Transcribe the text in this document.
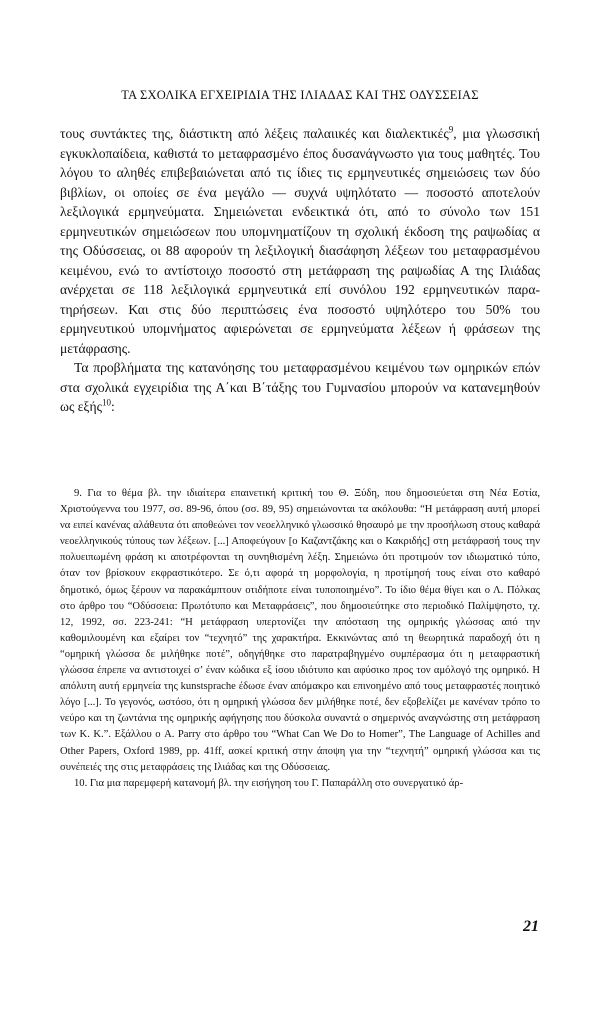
ΤΑ ΣΧΟΛΙΚΑ ΕΓΧΕΙΡΙΔΙΑ ΤΗΣ ΙΛΙΑΔΑΣ ΚΑΙ ΤΗΣ ΟΔΥΣΣΕΙΑΣ

τους συντάκτες της, διάστικτη από λέξεις παλαιικές και διαλεκτικές$^9$, μια γλωσσική εγκυκλοπαίδεια, καθιστά το μεταφρασμένο έπος δυσανάγνωστο για τους μαθητές. Του λόγου το αληθές επιβεβαιώνεται από τις ίδιες τις ερμηνευτικές σημειώσεις των δύο βιβλίων, οι οποίες σε ένα μεγάλο — συχνά υψηλότατο — ποσοστό αποτελούν λεξιλογικά ερμηνεύματα. Σημειώνεται ενδεικτικά ότι, από το σύνολο των 151 ερμηνευτικών σημειώσεων που υπομνηματίζουν τη σχολική έκδοση της ραψωδίας α της Οδύσσειας, οι 88 αφορούν τη λεξιλογική διασάφηση λέξεων του μεταφρασμένου κειμένου, ενώ το αντίστοιχο ποσοστό στη μετάφραση της ραψωδίας Α της Ιλιάδας ανέρχεται σε 118 λεξιλογικά ερμηνευτικά επί συνόλου 192 ερμηνευτικών παρατηρήσεων. Και στις δύο περιπτώσεις ένα ποσοστό υψηλότερο του 50% του ερμηνευτικού υπομνήματος αφιερώνεται σε ερμηνεύματα λέξεων ή φράσεων της μετάφρασης.

Τα προβλήματα της κατανόησης του μεταφρασμένου κειμένου των ομηρικών επών στα σχολικά εγχειρίδια της Α΄και Β΄τάξης του Γυμνασίου μπορούν να κατανεμηθούν ως εξής$^{10}$:

9. Για το θέμα βλ. την ιδιαίτερα επαινετική κριτική του Θ. Ξύδη, που δημοσιεύεται στη Νέα Εστία, Χριστούγεννα του 1977, σσ. 89-96, όπου (σσ. 89, 95) σημειώνονται τα ακόλουθα: “Η μετάφραση αυτή μπορεί να ειπεί κανένας αλάθευτα ότι αποθεώνει τον νεοελληνικό γλωσσικό θησαυρό με την προσήλωση στους καθαρά νεοελληνικούς τύπους των λέξεων. [...] Αποφεύγουν [ο Καζαντζάκης και ο Κακριδής] στη μετάφρασή τους την πολυειπωμένη φράση κι αποτρέφονται τη συνηθισμένη λέξη. Σημειώνω ότι προτιμούν τον ιδιωματικό τύπο, όταν τον βρίσκουν εκφραστικότερο. Σε ό,τι αφορά τη μορφολογία, η προτίμησή τους είναι στο καθαρό δημοτικό, όμως ξέρουν να παρακάμπτουν οτιδήποτε είναι τυποποιημένο”. Το ίδιο θέμα θίγει και ο Λ. Πόλκας στο άρθρο του “Οδύσσεια: Πρωτότυπο και Μεταφράσεις”, που δημοσιεύτηκε στο περιοδικό Παλίμψηστο, τχ. 12, 1992, σσ. 223-241: “Η μετάφραση υπερτονίζει την απόσταση της ομηρικής γλώσσας από την καθομιλουμένη και εξαίρει τον “τεχνητό” της χαρακτήρα. Εκκινώντας από τη θεωρητικά παραδοχή ότι η “ομηρική γλώσσα δε μιλήθηκε ποτέ”, οδηγήθηκε στο παρατραβηγμένο συμπέρασμα ότι η μεταφραστική γλώσσα έπρεπε να αντιστοιχεί σ’ έναν κώδικα εξ ίσου ιδιότυπο και αφύσικο προς τον αμόλογό της ομηρικό. Η απόλυτη αυτή ερμηνεία της kunstsprache έδωσε έναν απόμακρο και επινοημένο από τους μεταφραστές ποιητικό λόγο [...]. Το γεγονός, ωστόσο, ότι η ομηρική γλώσσα δεν μιλήθηκε ποτέ, δεν εξοβελίζει με κανέναν τρόπο το νεύρο και τη ζωντάνια της ομηρικής αφήγησης που δύσκολα συναντά ο σημερινός αναγνώστης στη μετάφραση των Κ. Κ.”. Εξάλλου ο A. Parry στο άρθρο του “What Can We Do to Homer”, The Language of Achilles and Other Papers, Oxford 1989, pp. 41ff, ασκεί κριτική στην άποψη για την “τεχνητή” ομηρική γλώσσα και τις συνέπειές της στις μεταφράσεις της Ιλιάδας και της Οδύσσειας.

10. Για μια παρεμφερή κατανομή βλ. την εισήγηση του Γ. Παπαράλλη στο συνεργατικό άρ-

21
